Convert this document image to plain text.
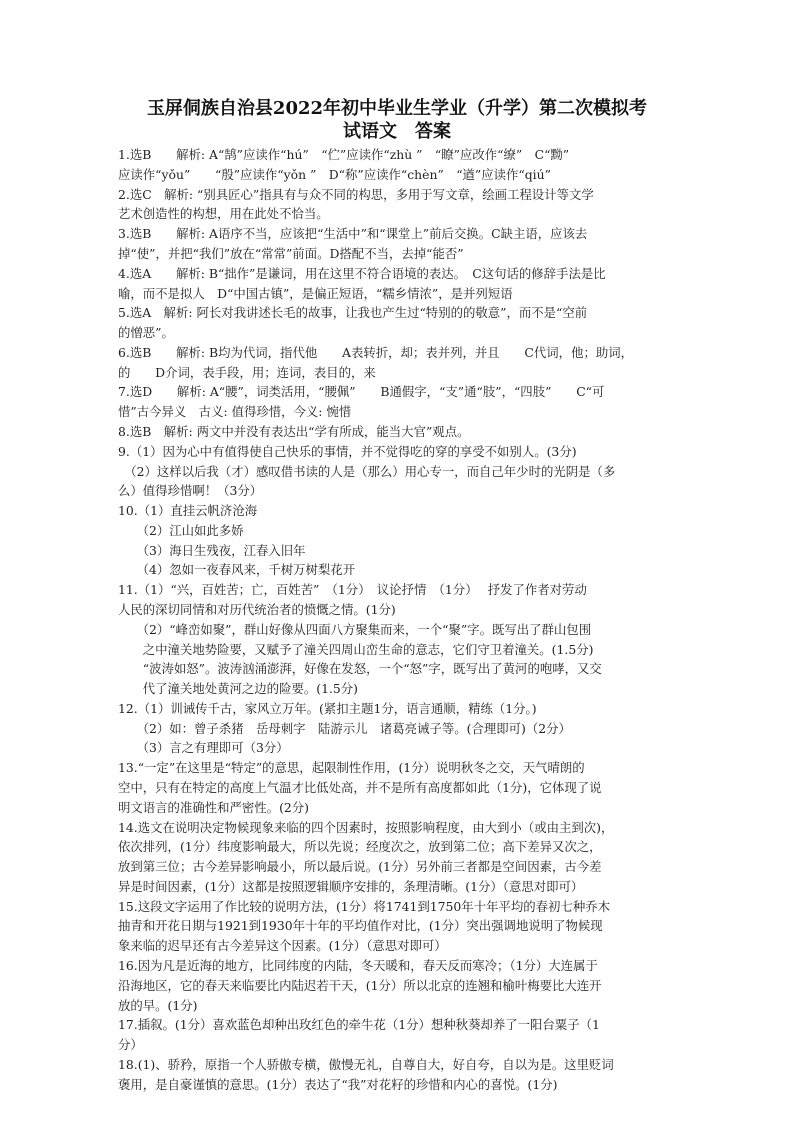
玉屏侗族自治县2022年初中毕业生学业（升学）第二次模拟考
试语文　答案
1.选B　　解析: A“鹄”应读作“hú”　“伫”应读作“zhù ”　“瞭”应改作“缭”　C“黝”
应读作“yǒu”　　“殷”应读作“yǒn ”　D“称”应读作“chèn”　“遒”应读作“qiú”
2.选C　解析: “别具匠心”指具有与众不同的构思，多用于写文章，绘画工程设计等文学
艺术创造性的构想，用在此处不恰当。
3.选B　　解析: A语序不当，应该把“生活中”和“课堂上”前后交换。C缺主语，应该去
掉“使”，并把“我们”放在“常常”前面。D搭配不当，去掉“能否”
4.选A　　解析: B“拙作”是谦词，用在这里不符合语境的表达。　C这句话的修辞手法是比
喻，而不是拟人　D“中国古镇”，是偏正短语，“糯乡情浓”，是并列短语
5.选A　解析: 阿长对我讲述长毛的故事，让我也产生过“特别的的敬意”，而不是“空前
的憎恶”。
6.选B　　解析: B均为代词，指代他　　A表转折，却；表并列，并且　　C代词，他；助词，
的　　D介词，表手段，用；连词，表目的，来
7.选D　　解析: A“腰”，词类活用，“腰佩”　　B通假字，“支”通“肢”，“四肢”　　C“可
惜”古今异义　古义: 值得珍惜，今义: 惋惜
8.选B　解析: 两文中并没有表达出“学有所成，能当大官”观点。
9.（1）因为心中有值得使自己快乐的事情，并不觉得吃的穿的享受不如别人。(3分)
　（2）这样以后我（才）感叹借书读的人是（那么）用心专一，而自己年少时的光阴是（多
么）值得珍惜啊！（3分）
10.（1）直挂云帆济沧海
　　（2）江山如此多娇
　　（3）海日生残夜，江春入旧年
　　（4）忽如一夜春风来，千树万树梨花开
11.（1）“兴，百姓苦；亡，百姓苦”　（1分）　议论抒情　（1分）　 抒发了作者对劳动
人民的深切同情和对历代统治者的愤慨之情。(1分)
　　（2）“峰峦如聚”，群山好像从四面八方聚集而来，一个“聚”字。既写出了群山包围
　　之中潼关地势险要，又赋予了潼关四周山峦生命的意志，它们守卫着潼关。(1.5分)
　　“波涛如怒”。波涛汹涌澎湃，好像在发怒，一个“怒”字，既写出了黄河的咆哮，又交
　　代了潼关地处黄河之边的险要。(1.5分)
12.（1）训诫传千古，家风立万年。(紧扣主题1分，语言通顺，精练（1分。)
　　（2）如：曾子杀猪　岳母刺字　陆游示儿　诸葛亮诫子等。(合理即可)（2分）
　　（3）言之有理即可（3分）
13.“一定”在这里是“特定”的意思，起限制性作用，(1分）说明秋冬之交，天气晴朗的
空中，只有在特定的高度上气温才比低处高，并不是所有高度都如此（1分)，它体现了说
明文语言的准确性和严密性。(2分)
14.选文在说明决定物候现象来临的四个因素时，按照影响程度，由大到小（或由主到次)，
依次排列，(1分）纬度影响最大，所以先说；经度次之，放到第二位；高下差异又次之，
放到第三位；古今差异影响最小，所以最后说。(1分）另外前三者都是空间因素，古今差
异是时间因素，(1分）这都是按照逻辑顺序安排的，条理清晰。(1分）（意思对即可）
15.这段文字运用了作比较的说明方法，(1分）将1741到1750年十年平均的春初七种乔木
抽青和开花日期与1921到1930年十年的平均值作对比，(1分）突出强调地说明了物候现
象来临的迟早还有古今差异这个因素。(1分）（意思对即可）
16.因为凡是近海的地方，比同纬度的内陆，冬天暖和，春天反而寒冷；（1分）大连属于
沿海地区，它的春天来临要比内陆迟若干天，(1分）所以北京的连翘和榆叶梅要比大连开
放的早。(1分)
17.插叙。(1分）喜欢蓝色却种出玫红色的牵牛花（1分）想种秋葵却养了一阳台粟子（1
分）
18.(1)、骄矜，原指一个人骄傲专横，傲慢无礼，自尊自大，好自夸，自以为是。这里贬词
褒用，是自豪谨慎的意思。(1分）表达了“我”对花籽的珍惜和内心的喜悦。(1分)
